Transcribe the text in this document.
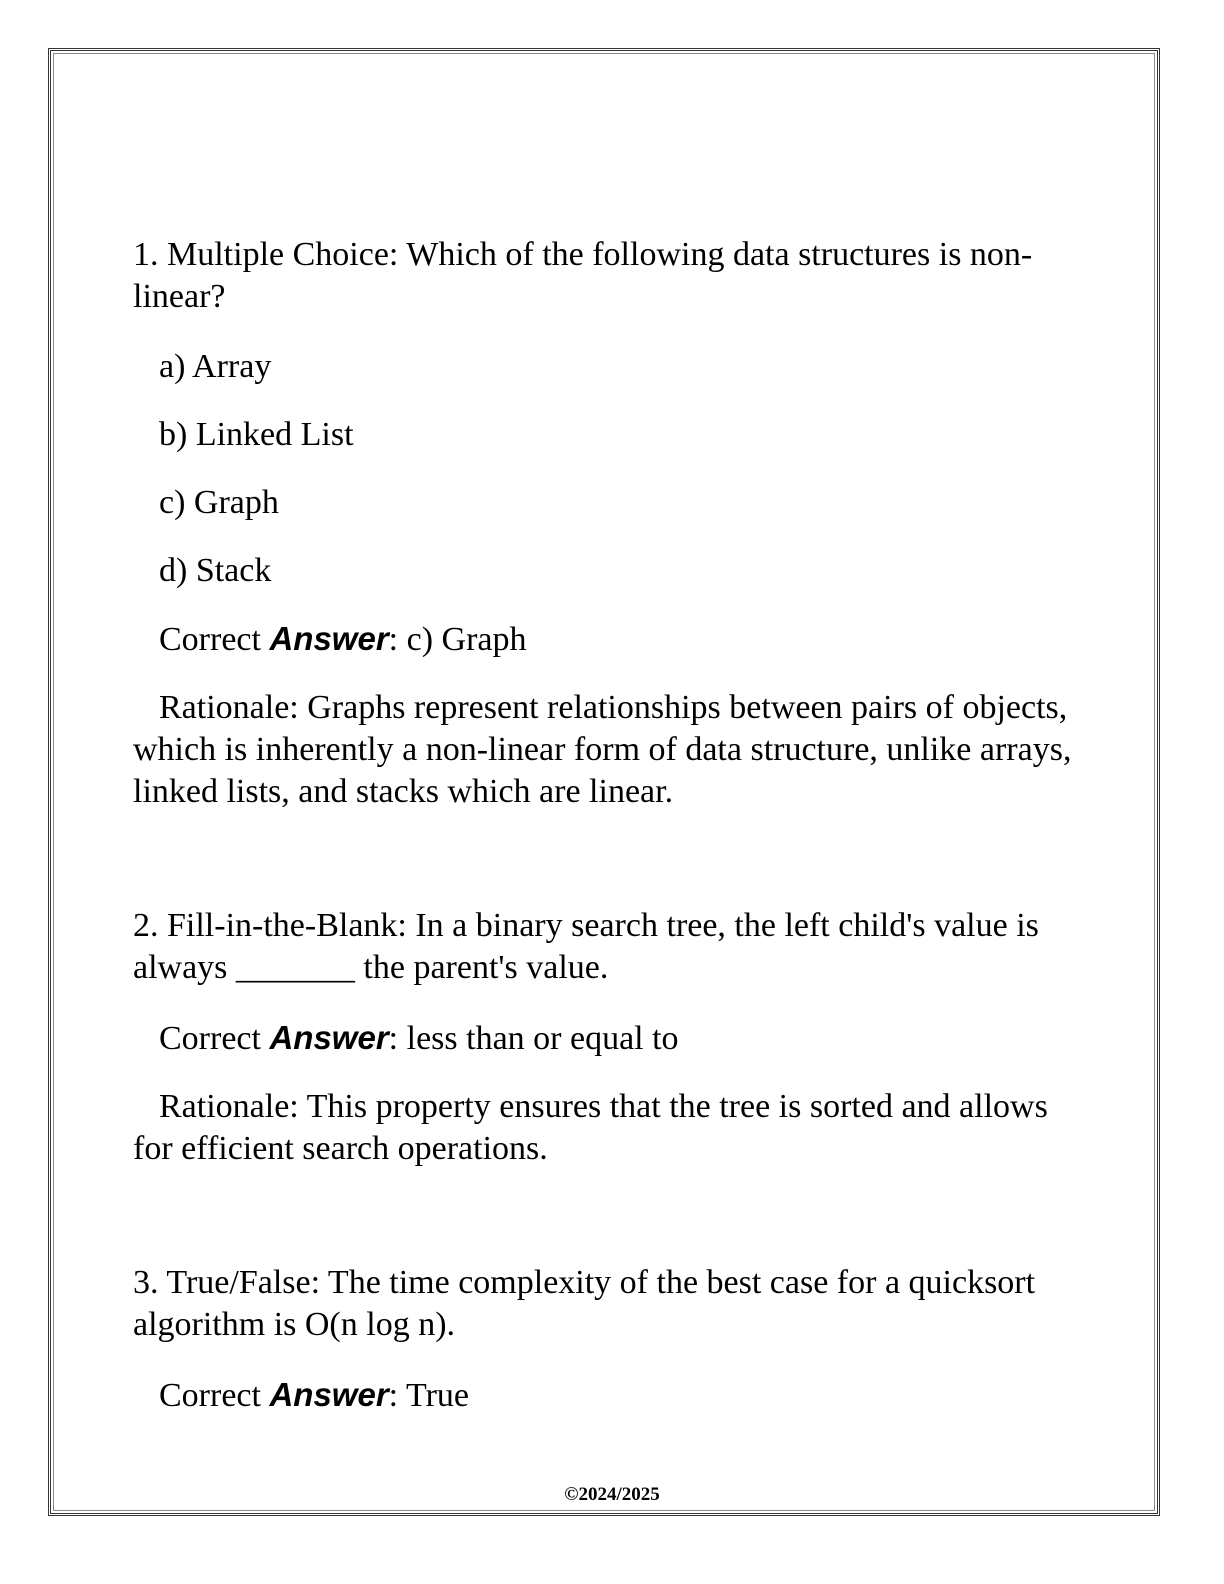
1. Multiple Choice: Which of the following data structures is non-linear?

a) Array

b) Linked List

c) Graph

d) Stack

Correct Answer: c) Graph

Rationale: Graphs represent relationships between pairs of objects, which is inherently a non-linear form of data structure, unlike arrays, linked lists, and stacks which are linear.

2. Fill-in-the-Blank: In a binary search tree, the left child's value is always _______ the parent's value.

Correct Answer: less than or equal to

Rationale: This property ensures that the tree is sorted and allows for efficient search operations.

3. True/False: The time complexity of the best case for a quicksort algorithm is O(n log n).

Correct Answer: True

©2024/2025
